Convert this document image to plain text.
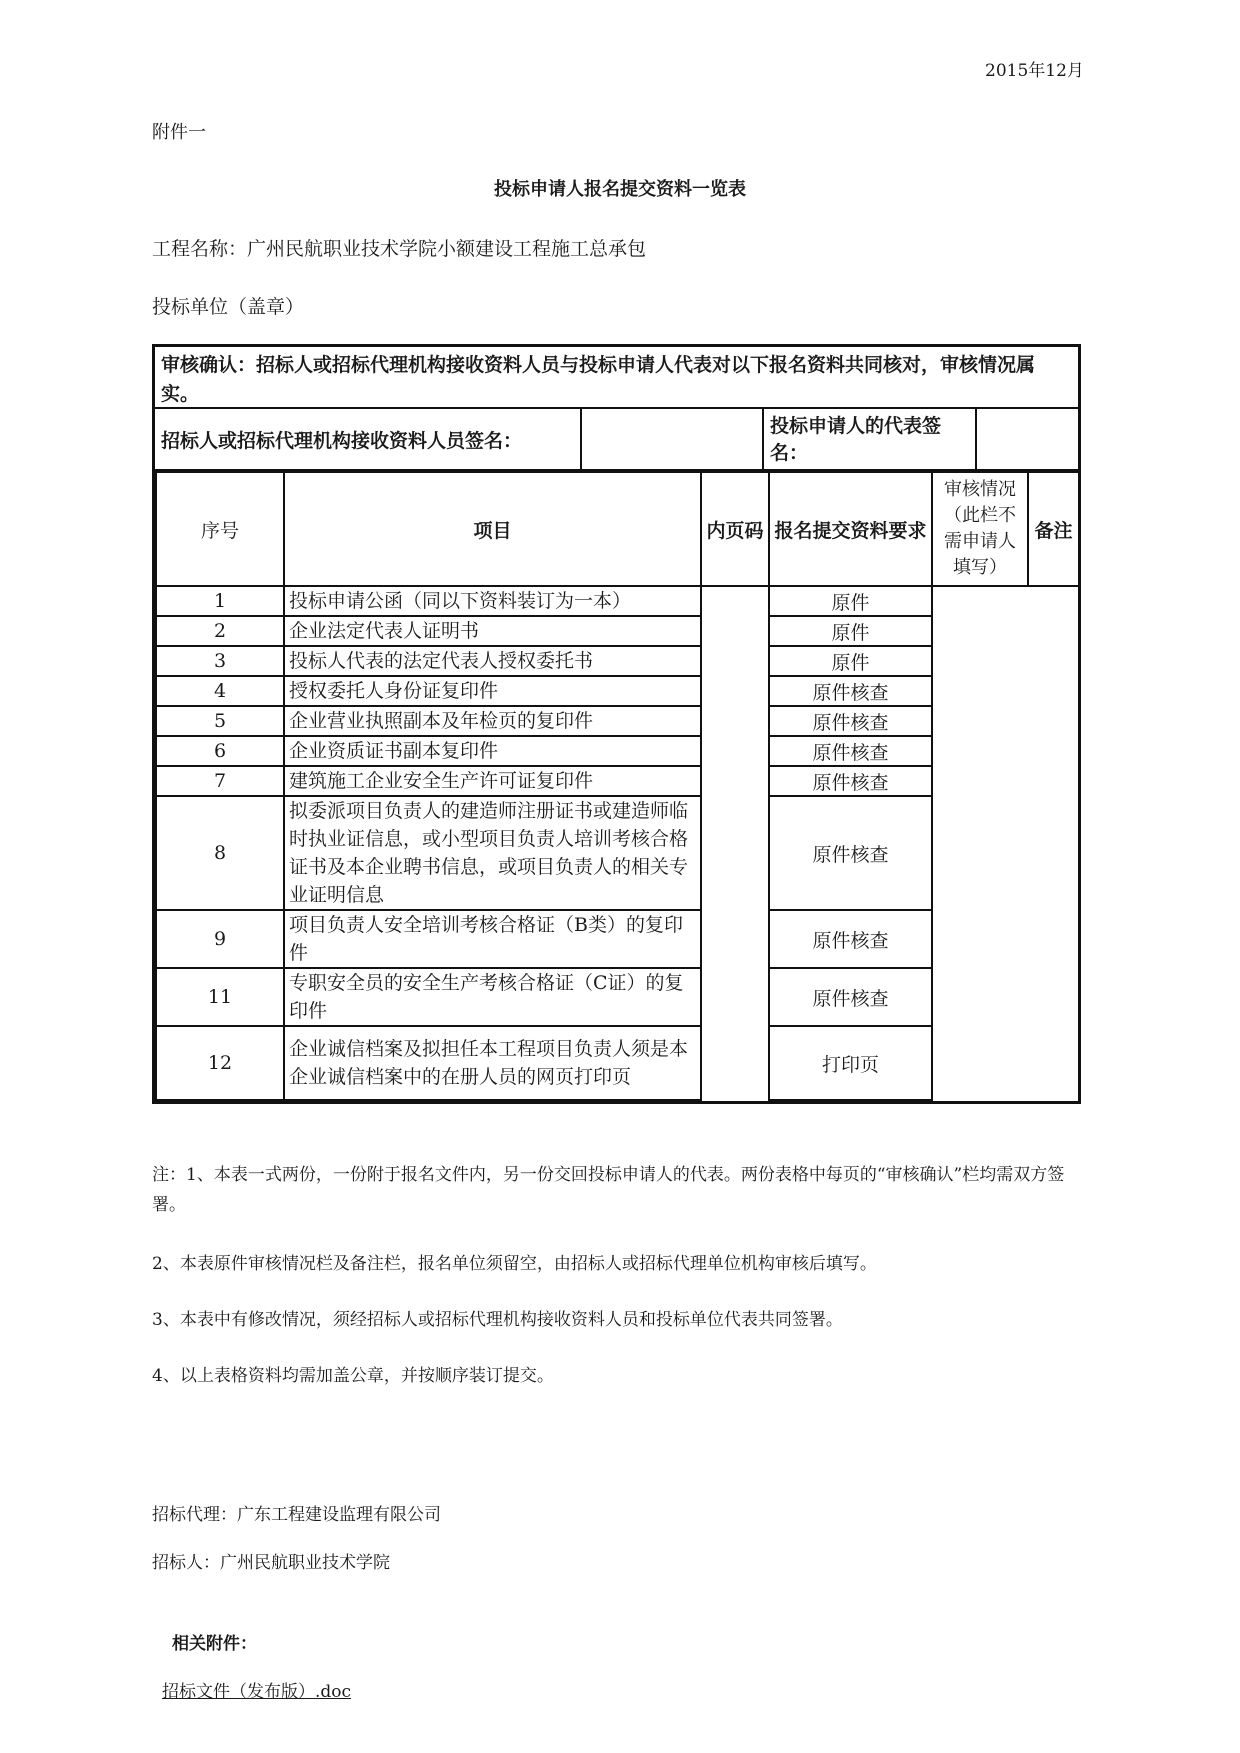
2015年12月
附件一
投标申请人报名提交资料一览表
工程名称：广州民航职业技术学院小额建设工程施工总承包
投标单位（盖章）
审核确认：招标人或招标代理机构接收资料人员与投标申请人代表对以下报名资料共同核对，审核情况属实。
招标人或招标代理机构接收资料人员签名：
投标申请人的代表签名：
序号	项目	内页码	报名提交资料要求	审核情况（此栏不需申请人填写）	备注
1	投标申请公函（同以下资料装订为一本）		原件		
2	企业法定代表人证明书		原件		
3	投标人代表的法定代表人授权委托书		原件		
4	授权委托人身份证复印件		原件核查		
5	企业营业执照副本及年检页的复印件		原件核查		
6	企业资质证书副本复印件		原件核查		
7	建筑施工企业安全生产许可证复印件		原件核查		
8	拟委派项目负责人的建造师注册证书或建造师临时执业证信息，或小型项目负责人培训考核合格证书及本企业聘书信息，或项目负责人的相关专业证明信息		原件核查		
9	项目负责人安全培训考核合格证（B类）的复印件		原件核查		
11	专职安全员的安全生产考核合格证（C证）的复印件		原件核查		
12	企业诚信档案及拟担任本工程项目负责人须是本企业诚信档案中的在册人员的网页打印页		打印页		
注：1、本表一式两份，一份附于报名文件内，另一份交回投标申请人的代表。两份表格中每页的“审核确认”栏均需双方签署。
2、本表原件审核情况栏及备注栏，报名单位须留空，由招标人或招标代理单位机构审核后填写。
3、本表中有修改情况，须经招标人或招标代理机构接收资料人员和投标单位代表共同签署。
4、以上表格资料均需加盖公章，并按顺序装订提交。
招标代理：广东工程建设监理有限公司
招标人：广州民航职业技术学院
相关附件：
招标文件（发布版）.doc
